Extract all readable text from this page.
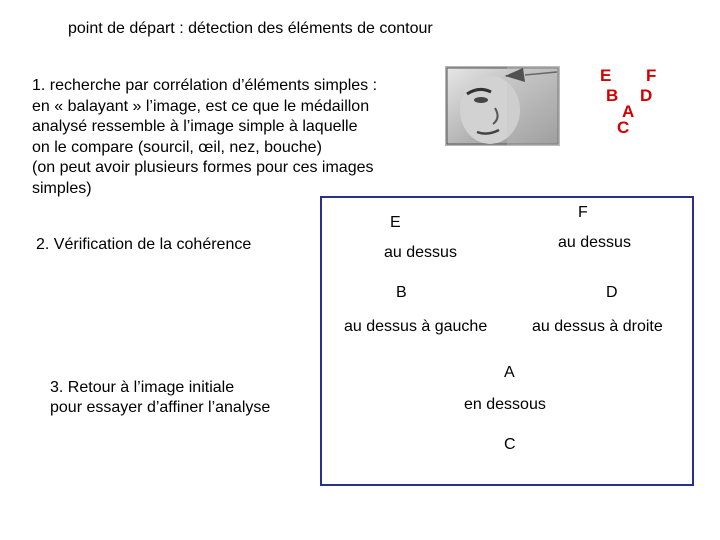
point de départ : détection des éléments de contour
1. recherche par corrélation d’éléments simples :
en « balayant » l’image, est ce que le médaillon
analysé ressemble à l’image simple à laquelle
on le compare (sourcil, œil, nez, bouche)
(on peut avoir plusieurs formes pour ces images
simples)
2. Vérification de la cohérence
3. Retour à l’image initiale
pour essayer d’affiner l’analyse
E F
B D
A
C
E
F
au dessus
au dessus
B	D
au dessus à gauche	au dessus à droite
A
en dessous
C
